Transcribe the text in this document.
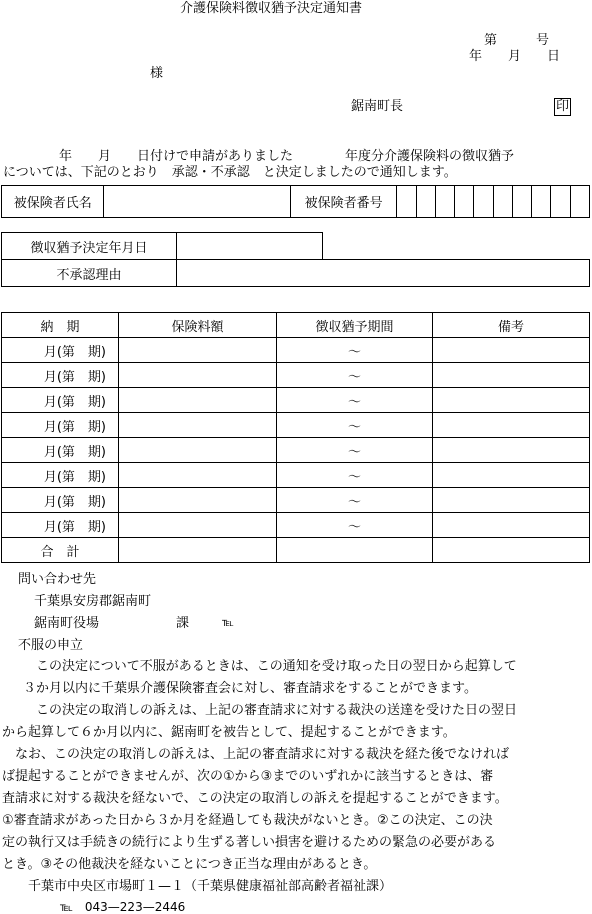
介護保険料徴収猶予決定通知書
第　　　号
年　　月　　日
様
鋸南町長	印
　　　年　　月　　日付けで申請がありました　　　　年度分介護保険料の徴収猶予
については、下記のとおり　承認・不承認　と決定しましたので通知します。
被保険者氏名		被保険者番号										
徴収猶予決定年月日	
不承認理由	
納　期	保険料額	徴収猶予期間	備考
月(第　期)		～	
月(第　期)		～	
月(第　期)		～	
月(第　期)		～	
月(第　期)		～	
月(第　期)		～	
月(第　期)		～	
月(第　期)		～	
合　計			
問い合わせ先
千葉県安房郡鋸南町
鋸南町役場	課	℡
不服の申立
　　この決定について不服があるときは、この通知を受け取った日の翌日から起算して
　３か月以内に千葉県介護保険審査会に対し、審査請求をすることができます。
　　この決定の取消しの訴えは、上記の審査請求に対する裁決の送達を受けた日の翌日
から起算して６か月以内に、鋸南町を被告として、提起することができます。
　なお、この決定の取消しの訴えは、上記の審査請求に対する裁決を経た後でなければ
ば提起することができませんが、次の①から③までのいずれかに該当するときは、審
査請求に対する裁決を経ないで、この決定の取消しの訴えを提起することができます。
①審査請求があった日から３か月を経過しても裁決がないとき。②この決定、この決
定の執行又は手続きの続行により生ずる著しい損害を避けるための緊急の必要がある
とき。③その他裁決を経ないことにつき正当な理由があるとき。
　　千葉市中央区市場町１—１（千葉県健康福祉部高齢者福祉課）
℡　043—223—2446
